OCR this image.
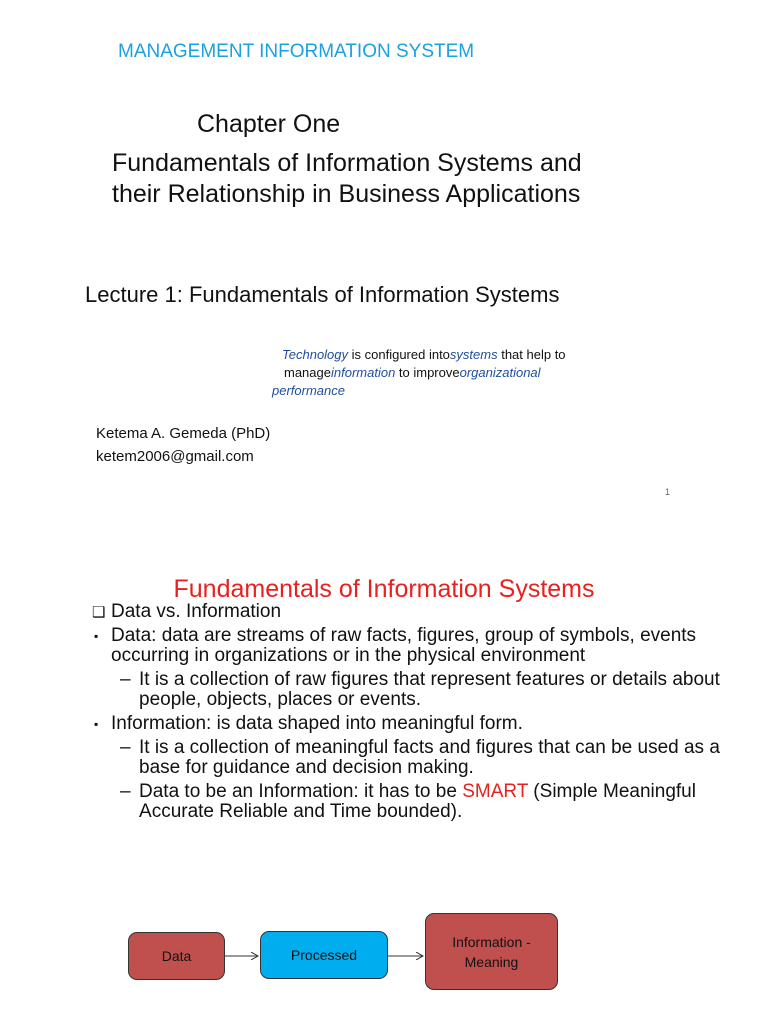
MANAGEMENT INFORMATION SYSTEM
Chapter One
Fundamentals of Information Systems and
their Relationship in Business Applications
Lecture 1: Fundamentals of Information Systems
Technology is configured intosystems that help to
manageinformation to improveorganizational
performance
Ketema A. Gemeda (PhD)
ketem2006@gmail.com
1
Fundamentals of Information Systems
❑ Data vs. Information
▪ Data: data are streams of raw facts, figures, group of symbols, events occurring in organizations or in the physical environment
– It is a collection of raw figures that represent features or details about people, objects, places or events.
▪ Information: is data shaped into meaningful form.
– It is a collection of meaningful facts and figures that can be used as a base for guidance and decision making.
– Data to be an Information: it has to be SMART (Simple Meaningful Accurate Reliable and Time bounded).
Data	Processed
Information -
Meaning
